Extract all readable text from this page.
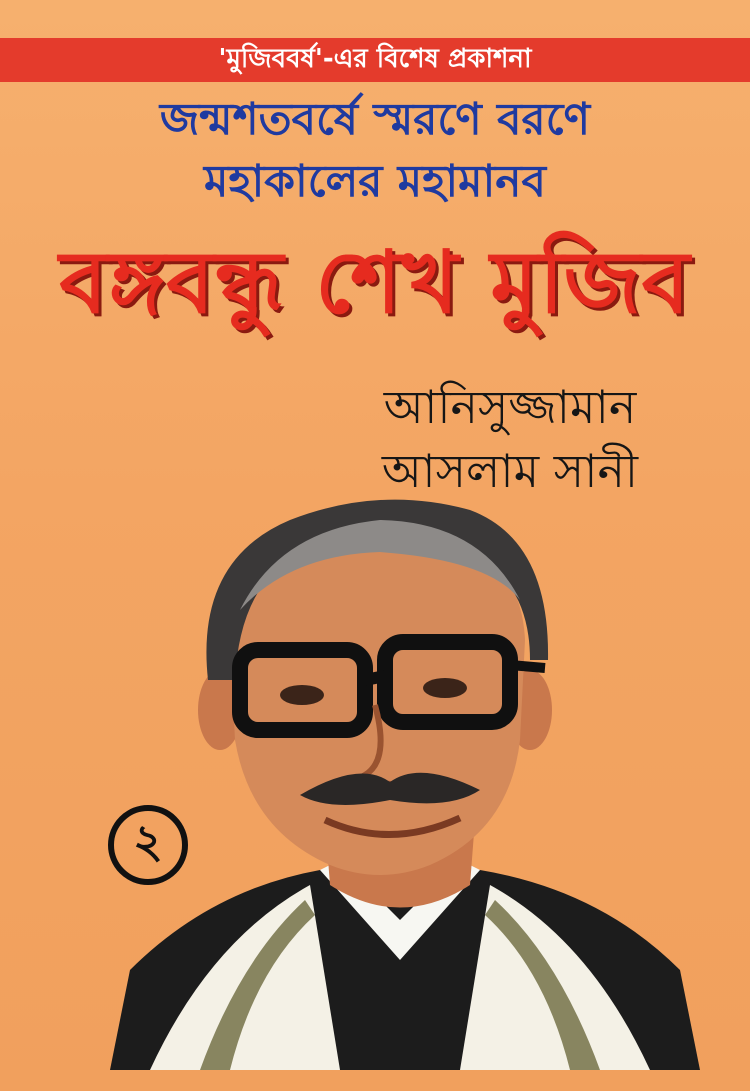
'মুজিববর্ষ'-এর বিশেষ প্রকাশনা
জন্মশতবর্ষে স্মরণে বরণে
মহাকালের মহামানব
বঙ্গবন্ধু শেখ মুজিব
আনিসুজ্জামান
আসলাম সানী
২
